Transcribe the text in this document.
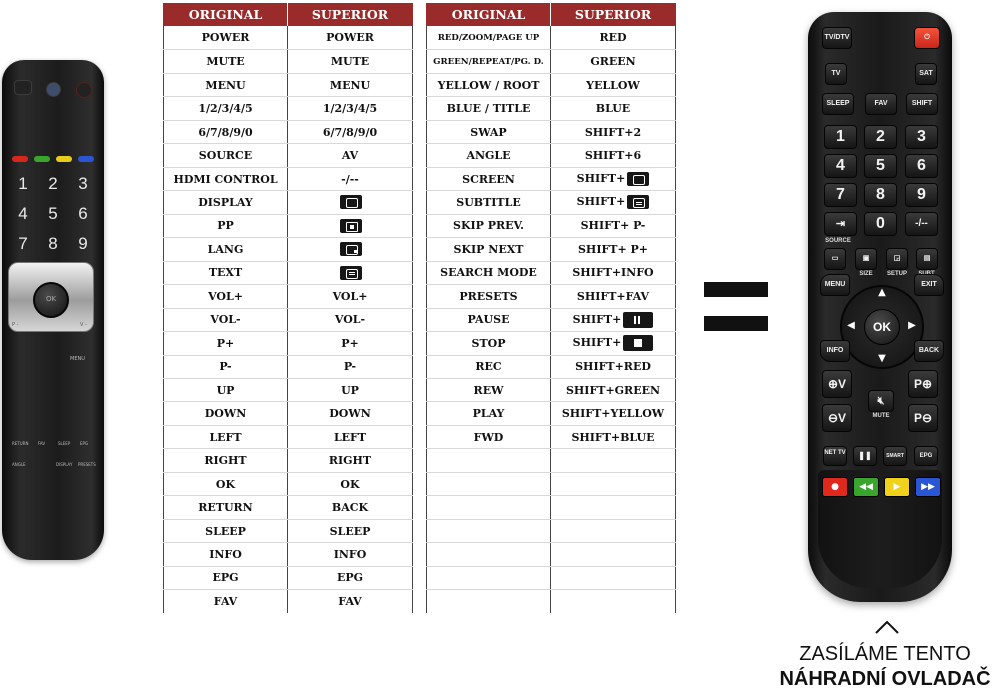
1	2	3
4	5	6
7	8	9
OK
P -	V -
MENU
RETURN FAV	SLEEP EPG
ANGLE	DISPLAY PRESETS
ORIGINAL	SUPERIOR
POWER	POWER
MUTE	MUTE
MENU	MENU
1/2/3/4/5	1/2/3/4/5
6/7/8/9/0	6/7/8/9/0
SOURCE	AV
HDMI CONTROL	-/--
DISPLAY	
PP	
LANG	
TEXT	
VOL+	VOL+
VOL-	VOL-
P+	P+
P-	P-
UP	UP
DOWN	DOWN
LEFT	LEFT
RIGHT	RIGHT
OK	OK
RETURN	BACK
SLEEP	SLEEP
INFO	INFO
EPG	EPG
FAV	FAV
ORIGINAL	SUPERIOR
RED/ZOOM/PAGE UP	RED
GREEN/REPEAT/PG. D.	GREEN
YELLOW / ROOT	YELLOW
BLUE / TITLE	BLUE
SWAP	SHIFT+2
ANGLE	SHIFT+6
SCREEN	SHIFT+
SUBTITLE	SHIFT+
SKIP PREV.	SHIFT+ P-
SKIP NEXT	SHIFT+ P+
SEARCH MODE	SHIFT+INFO
PRESETS	SHIFT+FAV
PAUSE	SHIFT+
STOP	SHIFT+
REC	SHIFT+RED
REW	SHIFT+GREEN
PLAY	SHIFT+YELLOW
FWD	SHIFT+BLUE

TV/DTV	⏻
TV	SAT
SLEEP	FAV	SHIFT
1	2	3
4	5	6
7	8	9
⇥	0	-/--
SOURCE
▭	▣	◲	▤
SIZE	SETUP
MENU	EXIT
▲
▼
◀	▶
OK
INFO	BACK
⊕V
⊖V
🔇︎
MUTE
P⊕
P⊖
NET TV	❚❚	SMART	EPG
●	◀◀	▶	▶▶
ZASÍLÁME TENTO
NÁHRADNÍ OVLADAČ
